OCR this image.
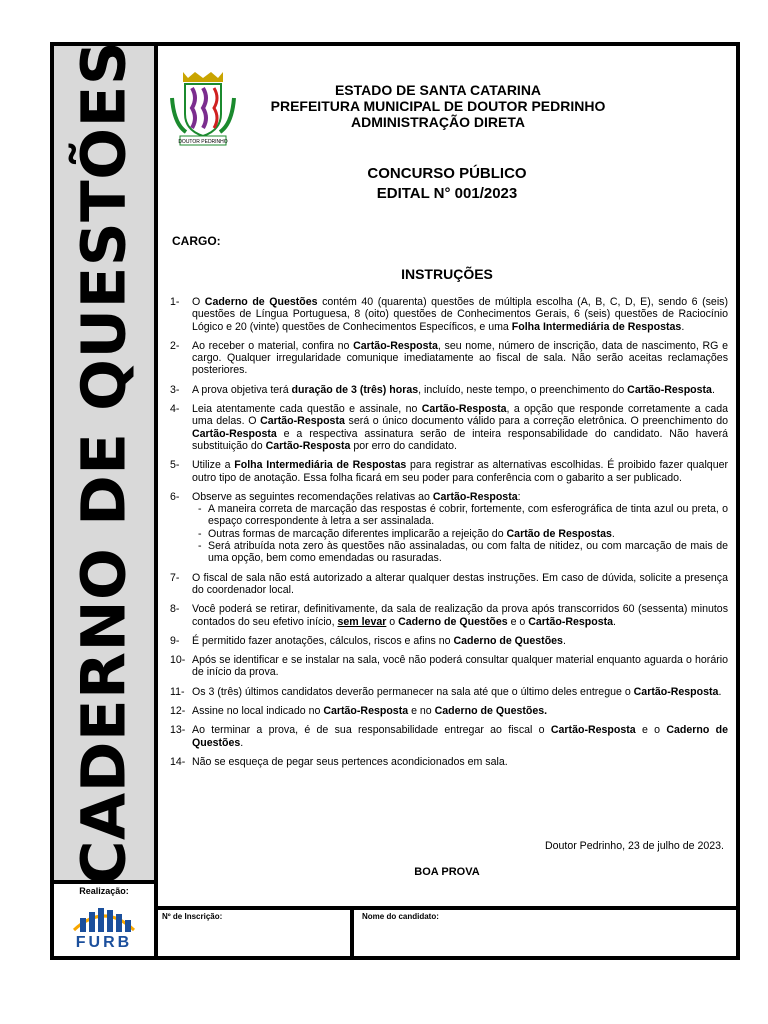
CADERNO DE QUESTÕES
Realização:
FURB
DOUTOR PEDRINHO
ESTADO DE SANTA CATARINA
PREFEITURA MUNICIPAL DE DOUTOR PEDRINHO
ADMINISTRAÇÃO DIRETA
CONCURSO PÚBLICO
EDITAL N° 001/2023
CARGO:
INSTRUÇÕES
1-	O Caderno de Questões contém 40 (quarenta) questões de múltipla escolha (A, B, C, D, E), sendo 6 (seis) questões de Língua Portuguesa, 8 (oito) questões de Conhecimentos Gerais, 6 (seis) questões de Raciocínio Lógico e 20 (vinte) questões de Conhecimentos Específicos, e uma Folha Intermediária de Respostas.
2-	Ao receber o material, confira no Cartão-Resposta, seu nome, número de inscrição, data de nascimento, RG e cargo. Qualquer irregularidade comunique imediatamente ao fiscal de sala. Não serão aceitas reclamações posteriores.
3-	A prova objetiva terá duração de 3 (três) horas, incluído, neste tempo, o preenchimento do Cartão-Resposta.
4-	Leia atentamente cada questão e assinale, no Cartão-Resposta, a opção que responde corretamente a cada uma delas. O Cartão-Resposta será o único documento válido para a correção eletrônica. O preenchimento do Cartão-Resposta e a respectiva assinatura serão de inteira responsabilidade do candidato. Não haverá substituição do Cartão-Resposta por erro do candidato.
5-	Utilize a Folha Intermediária de Respostas para registrar as alternativas escolhidas. É proibido fazer qualquer outro tipo de anotação. Essa folha ficará em seu poder para conferência com o gabarito a ser publicado.
6-	Observe as seguintes recomendações relativas ao Cartão-Resposta:
- A maneira correta de marcação das respostas é cobrir, fortemente, com esferográfica de tinta azul ou preta, o espaço correspondente à letra a ser assinalada.
- Outras formas de marcação diferentes implicarão a rejeição do Cartão de Respostas.
- Será atribuída nota zero às questões não assinaladas, ou com falta de nitidez, ou com marcação de mais de uma opção, bem como emendadas ou rasuradas.
7-	O fiscal de sala não está autorizado a alterar qualquer destas instruções. Em caso de dúvida, solicite a presença do coordenador local.
8-	Você poderá se retirar, definitivamente, da sala de realização da prova após transcorridos 60 (sessenta) minutos contados do seu efetivo início, sem levar o Caderno de Questões e o Cartão-Resposta.
9-	É permitido fazer anotações, cálculos, riscos e afins no Caderno de Questões.
10- Após se identificar e se instalar na sala, você não poderá consultar qualquer material enquanto aguarda o horário de início da prova.
11- Os 3 (três) últimos candidatos deverão permanecer na sala até que o último deles entregue o Cartão-Resposta.
12- Assine no local indicado no Cartão-Resposta e no Caderno de Questões.
13- Ao terminar a prova, é de sua responsabilidade entregar ao fiscal o Cartão-Resposta e o Caderno de Questões.
14- Não se esqueça de pegar seus pertences acondicionados em sala.
Doutor Pedrinho, 23 de julho de 2023.
BOA PROVA
Nº de Inscrição:	Nome do candidato:
